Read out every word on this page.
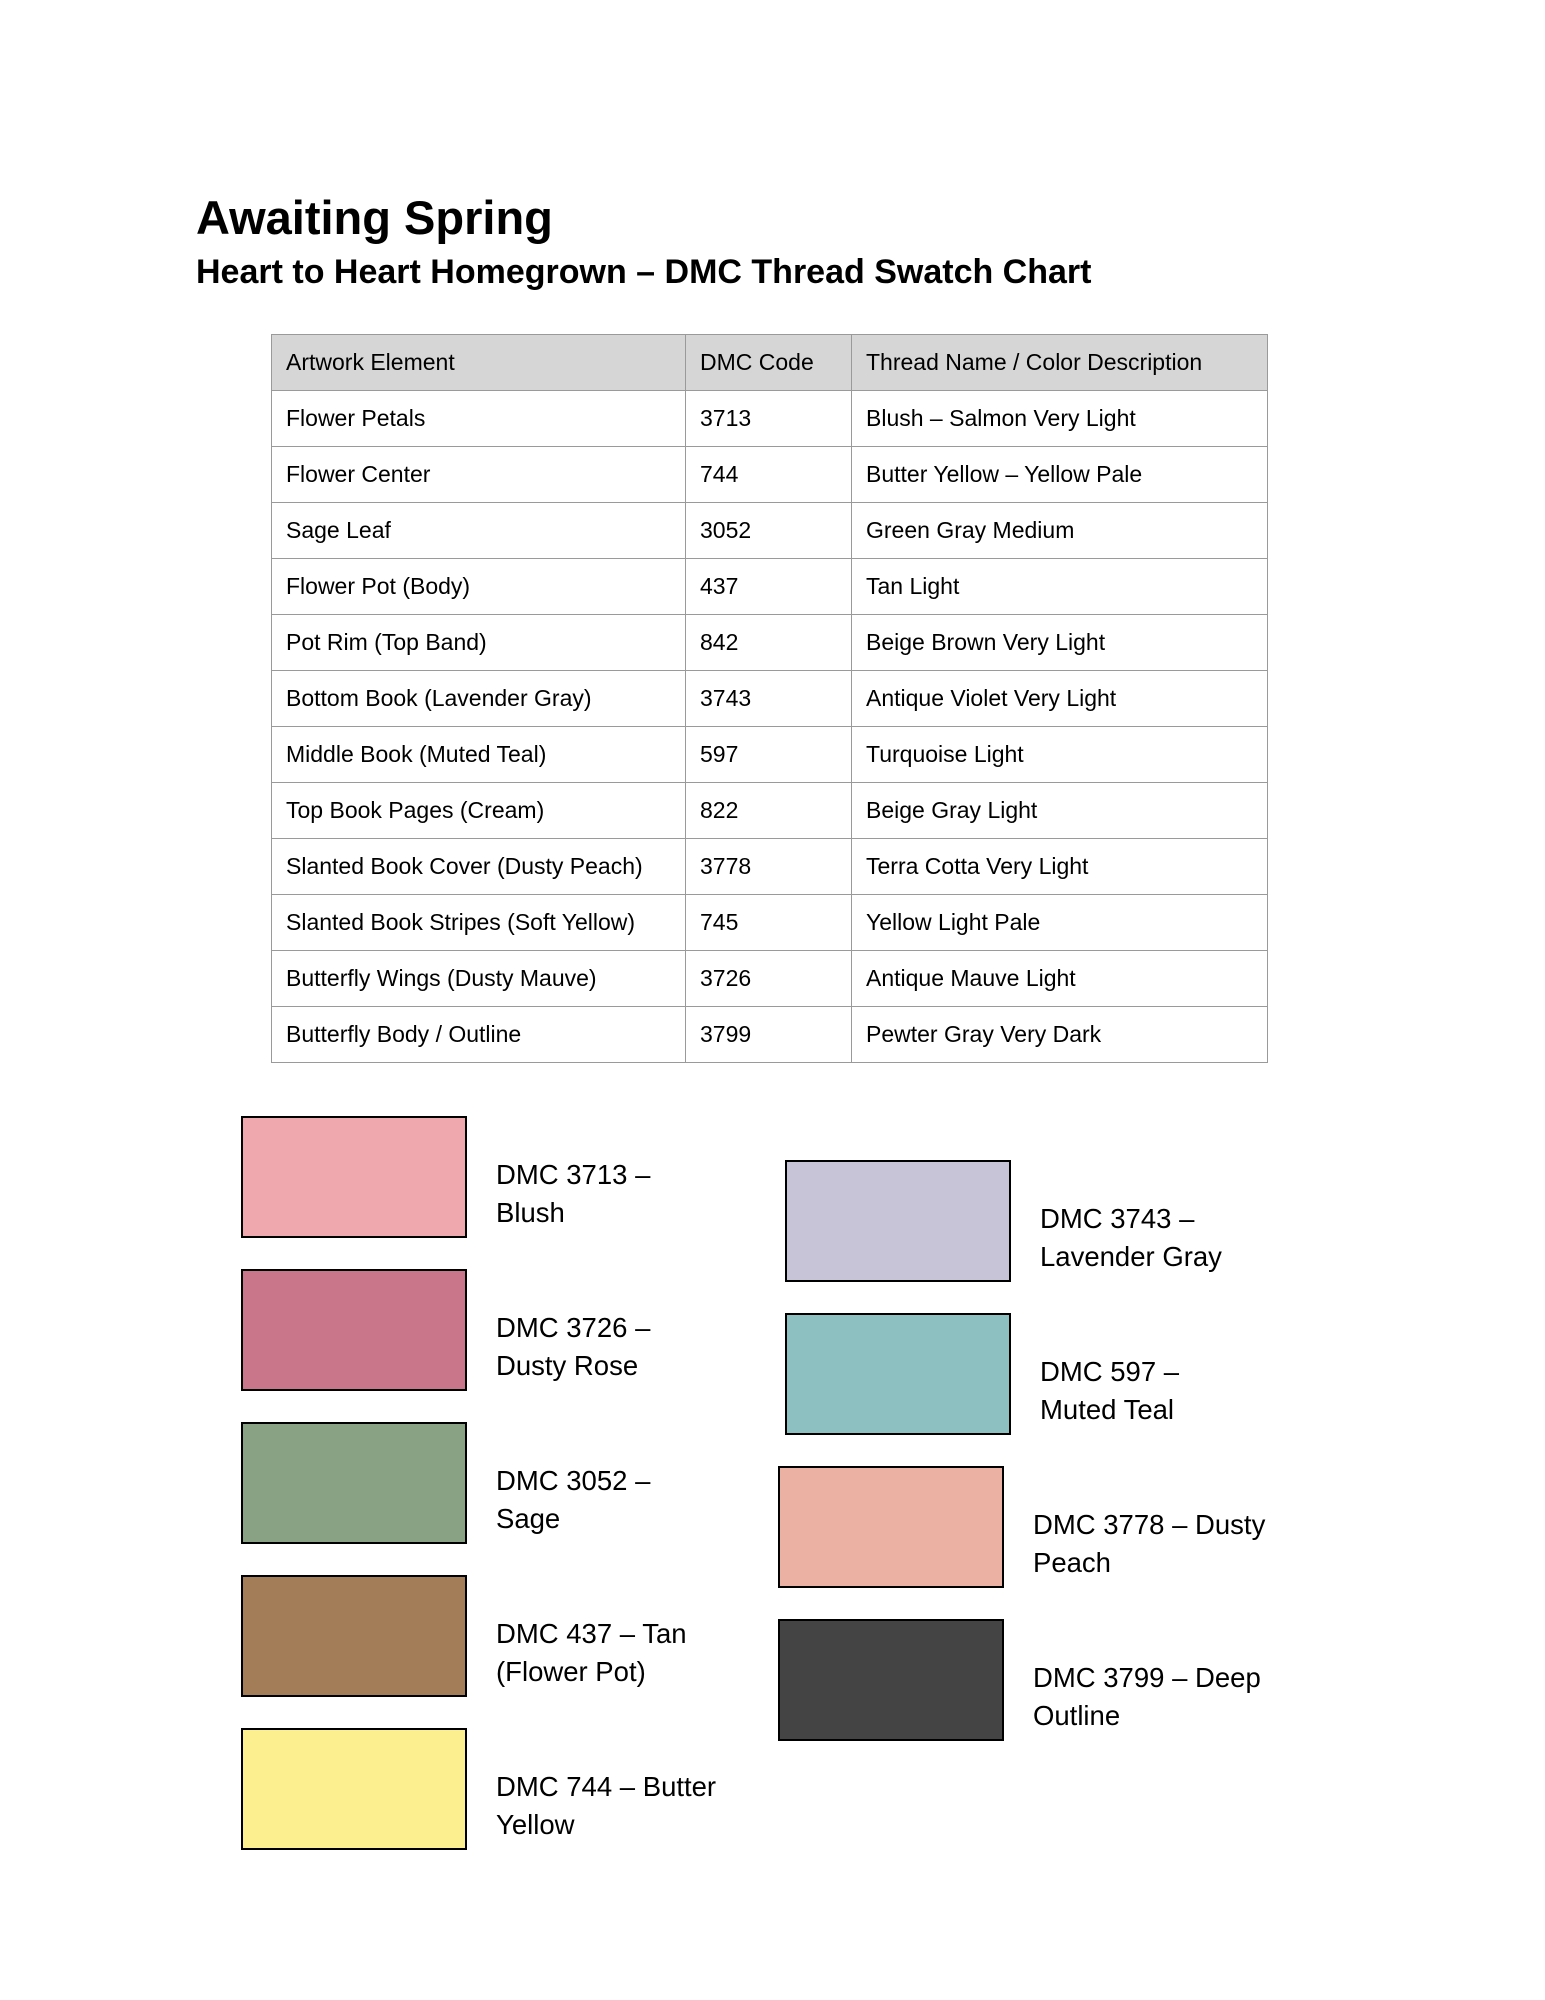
Awaiting Spring
Heart to Heart Homegrown – DMC Thread Swatch Chart
Artwork Element	DMC Code	Thread Name / Color Description
Flower Petals	3713	Blush – Salmon Very Light
Flower Center	744	Butter Yellow – Yellow Pale
Sage Leaf	3052	Green Gray Medium
Flower Pot (Body)	437	Tan Light
Pot Rim (Top Band)	842	Beige Brown Very Light
Bottom Book (Lavender Gray)	3743	Antique Violet Very Light
Middle Book (Muted Teal)	597	Turquoise Light
Top Book Pages (Cream)	822	Beige Gray Light
Slanted Book Cover (Dusty Peach)	3778	Terra Cotta Very Light
Slanted Book Stripes (Soft Yellow)	745	Yellow Light Pale
Butterfly Wings (Dusty Mauve)	3726	Antique Mauve Light
Butterfly Body / Outline	3799	Pewter Gray Very Dark
DMC 3713 –
Blush
DMC 3726 –
Dusty Rose
DMC 3052 –
Sage
DMC 437 – Tan
(Flower Pot)
DMC 744 – Butter
Yellow
DMC 3743 –
Lavender Gray
DMC 597 –
Muted Teal
DMC 3778 – Dusty
Peach
DMC 3799 – Deep
Outline
